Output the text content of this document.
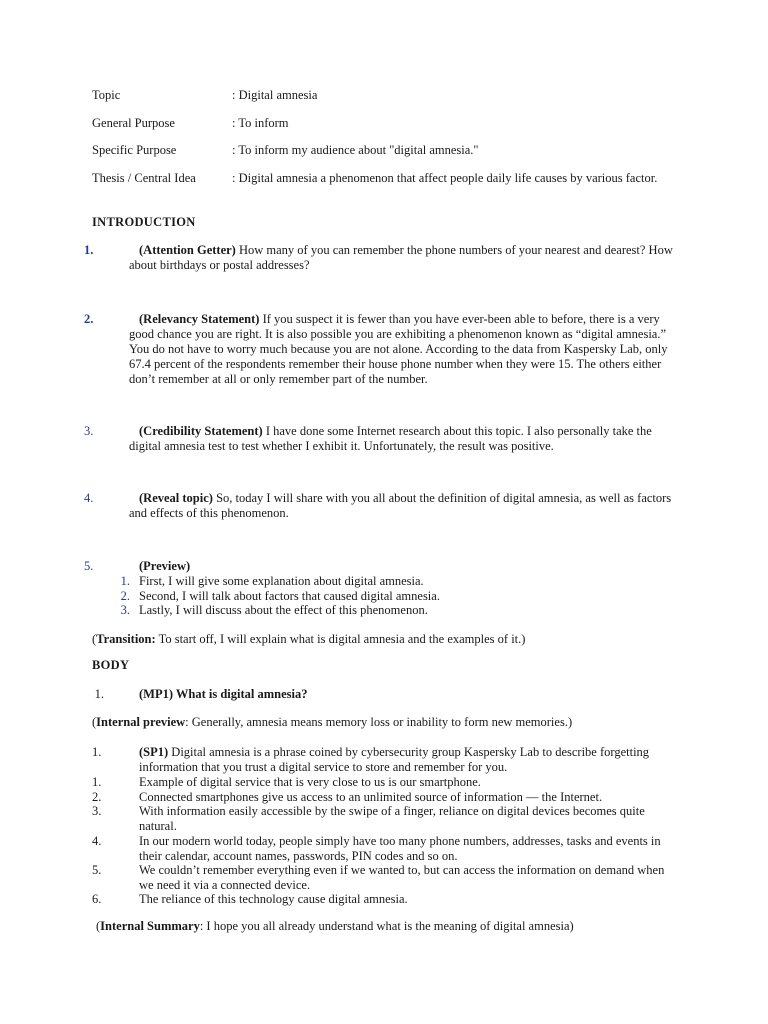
Topic	: Digital amnesia
General Purpose	: To inform
Specific Purpose	: To inform my audience about "digital amnesia."
Thesis / Central Idea	: Digital amnesia a phenomenon that affect people daily life causes by various factor.
INTRODUCTION
1.	(Attention Getter) How many of you can remember the phone numbers of your nearest and dearest? How about birthdays or postal addresses?
2.	(Relevancy Statement) If you suspect it is fewer than you have ever-been able to before, there is a very good chance you are right. It is also possible you are exhibiting a phenomenon known as “digital amnesia.” You do not have to worry much because you are not alone. According to the data from Kaspersky Lab, only 67.4 percent of the respondents remember their house phone number when they were 15. The others either don’t remember at all or only remember part of the number.
3.	(Credibility Statement) I have done some Internet research about this topic. I also personally take the digital amnesia test to test whether I exhibit it. Unfortunately, the result was positive.
4.	(Reveal topic) So, today I will share with you all about the definition of digital amnesia, as well as factors and effects of this phenomenon.
5.	(Preview)
1. First, I will give some explanation about digital amnesia.
2. Second, I will talk about factors that caused digital amnesia.
3. Lastly, I will discuss about the effect of this phenomenon.
(Transition: To start off, I will explain what is digital amnesia and the examples of it.)
BODY
1.	(MP1) What is digital amnesia?
(Internal preview: Generally, amnesia means memory loss or inability to form new memories.)
1.	(SP1) Digital amnesia is a phrase coined by cybersecurity group Kaspersky Lab to describe forgetting information that you trust a digital service to store and remember for you.
1.	Example of digital service that is very close to us is our smartphone.
2.	Connected smartphones give us access to an unlimited source of information — the Internet.
3.	With information easily accessible by the swipe of a finger, reliance on digital devices becomes quite natural.
4.	In our modern world today, people simply have too many phone numbers, addresses, tasks and events in their calendar, account names, passwords, PIN codes and so on.
5.	We couldn’t remember everything even if we wanted to, but can access the information on demand when we need it via a connected device.
6.	The reliance of this technology cause digital amnesia.
(Internal Summary: I hope you all already understand what is the meaning of digital amnesia)
